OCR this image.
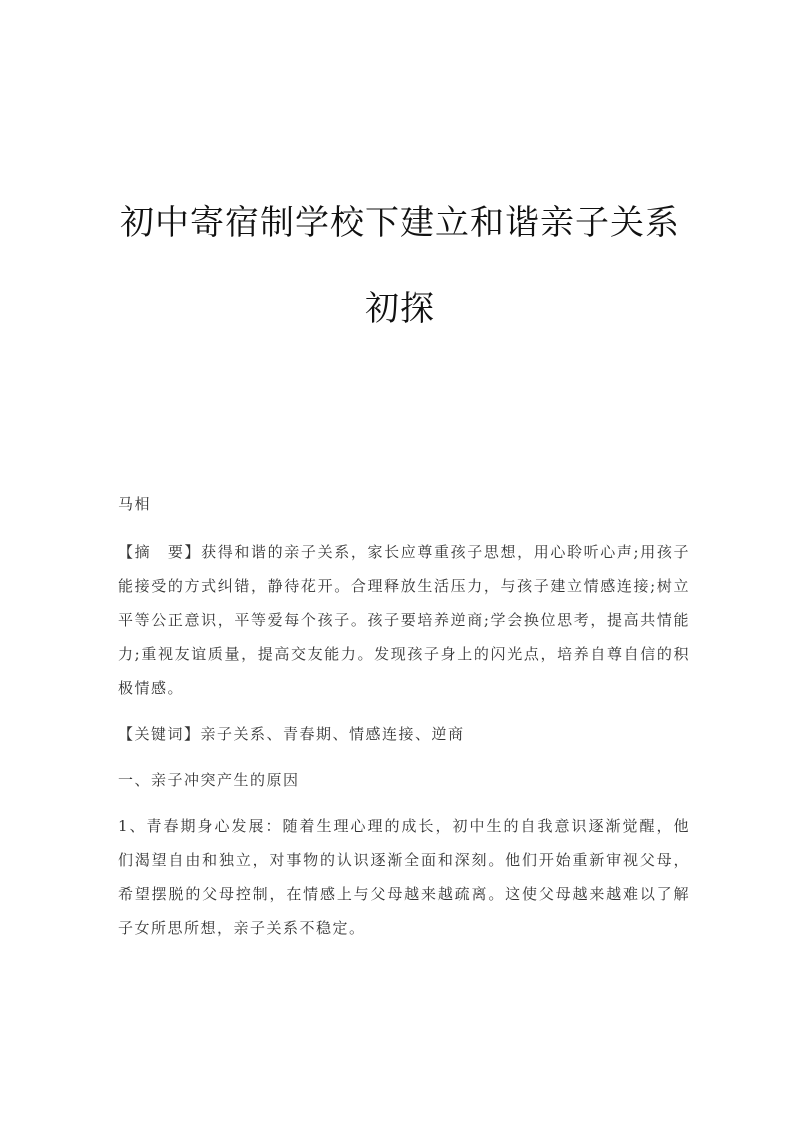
初中寄宿制学校下建立和谐亲子关系初探

马相

【摘　要】获得和谐的亲子关系，家长应尊重孩子思想，用心聆听心声;用孩子能接受的方式纠错，静待花开。合理释放生活压力，与孩子建立情感连接;树立平等公正意识，平等爱每个孩子。孩子要培养逆商;学会换位思考，提高共情能力;重视友谊质量，提高交友能力。发现孩子身上的闪光点，培养自尊自信的积极情感。

【关键词】亲子关系、青春期、情感连接、逆商

一、亲子冲突产生的原因

1、青春期身心发展：随着生理心理的成长，初中生的自我意识逐渐觉醒，他们渴望自由和独立，对事物的认识逐渐全面和深刻。他们开始重新审视父母，希望摆脱的父母控制，在情感上与父母越来越疏离。这使父母越来越难以了解子女所思所想，亲子关系不稳定。
